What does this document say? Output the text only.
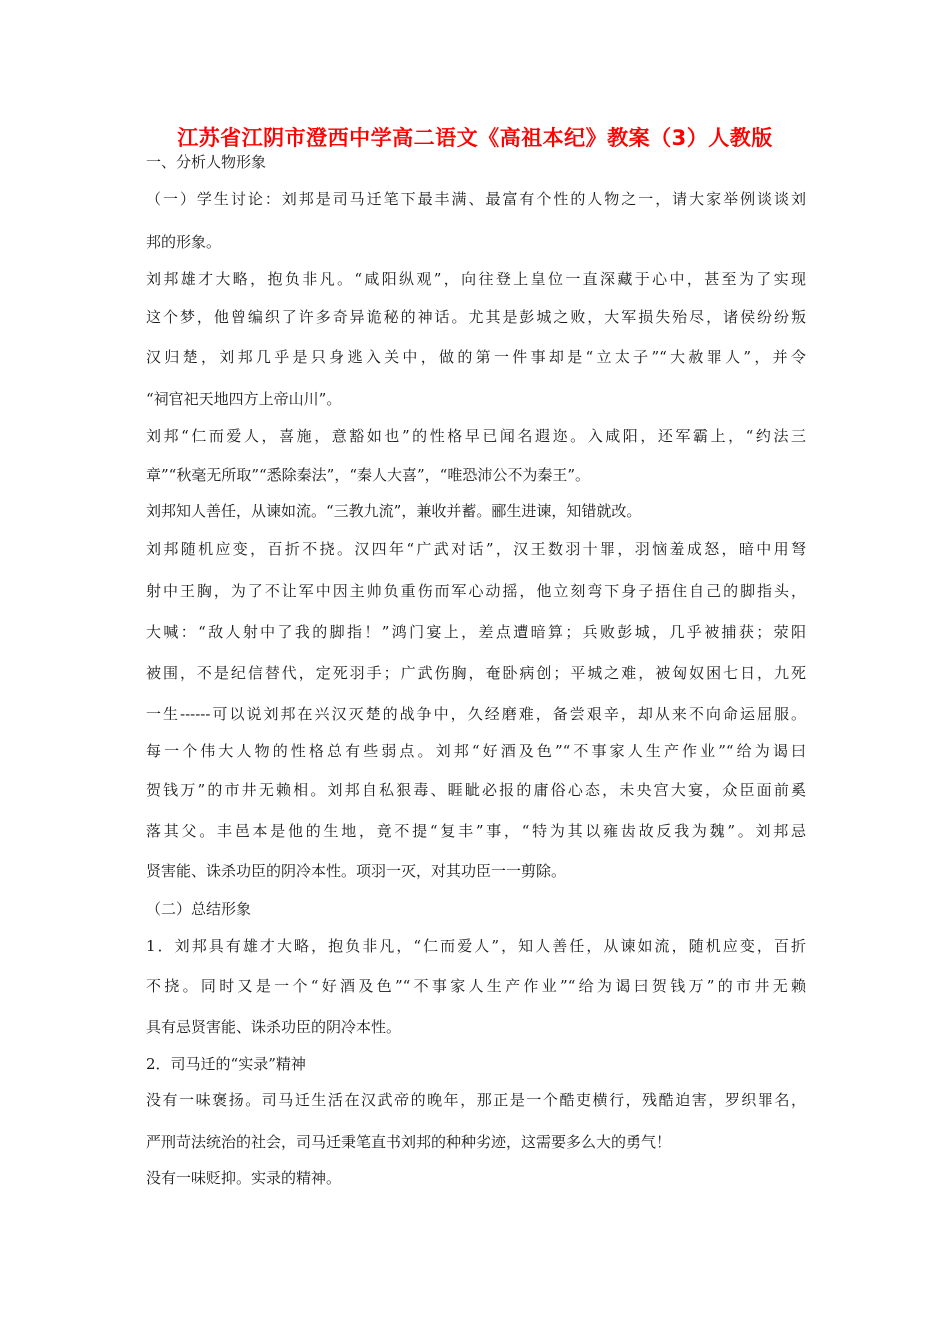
江苏省江阴市澄西中学高二语文《高祖本纪》教案（3）人教版
一、分析人物形象
（一）学生讨论：刘邦是司马迁笔下最丰满、最富有个性的人物之一，请大家举例谈谈刘
邦的形象。
刘邦雄才大略，抱负非凡。“咸阳纵观”，向往登上皇位一直深藏于心中，甚至为了实现
这个梦，他曾编织了许多奇异诡秘的神话。尤其是彭城之败，大军损失殆尽，诸侯纷纷叛
汉归楚，刘邦几乎是只身逃入关中，做的第一件事却是“立太子”“大赦罪人”，并令
“祠官祀天地四方上帝山川”。
刘邦“仁而爱人，喜施，意豁如也”的性格早已闻名遐迩。入咸阳，还军霸上，“约法三
章”“秋毫无所取”“悉除秦法”，“秦人大喜”，“唯恐沛公不为秦王”。
刘邦知人善任，从谏如流。“三教九流”，兼收并蓄。郦生进谏，知错就改。
刘邦随机应变，百折不挠。汉四年“广武对话”，汉王数羽十罪，羽恼羞成怒，暗中用弩
射中王胸，为了不让军中因主帅负重伤而军心动摇，他立刻弯下身子捂住自己的脚指头，
大喊：“敌人射中了我的脚指！”鸿门宴上，差点遭暗算；兵败彭城，几乎被捕获；荥阳
被围，不是纪信替代，定死羽手；广武伤胸，奄卧病创；平城之难，被匈奴困七日，九死
一生------可以说刘邦在兴汉灭楚的战争中，久经磨难，备尝艰辛，却从来不向命运屈服。
每一个伟大人物的性格总有些弱点。刘邦“好酒及色”“不事家人生产作业”“给为谒曰
贺钱万”的市井无赖相。刘邦自私狠毒、睚眦必报的庸俗心态，未央宫大宴，众臣面前奚
落其父。丰邑本是他的生地，竟不提“复丰”事，“特为其以雍齿故反我为魏”。刘邦忌
贤害能、诛杀功臣的阴冷本性。项羽一灭，对其功臣一一剪除。
（二）总结形象
1．刘邦具有雄才大略，抱负非凡，“仁而爱人”，知人善任，从谏如流，随机应变，百折
不挠。同时又是一个“好酒及色”“不事家人生产作业”“给为谒曰贺钱万”的市井无赖
具有忌贤害能、诛杀功臣的阴冷本性。
2．司马迁的“实录”精神
没有一味褒扬。司马迁生活在汉武帝的晚年，那正是一个酷吏横行，残酷迫害，罗织罪名，
严刑苛法统治的社会，司马迁秉笔直书刘邦的种种劣迹，这需要多么大的勇气！
没有一味贬抑。实录的精神。
